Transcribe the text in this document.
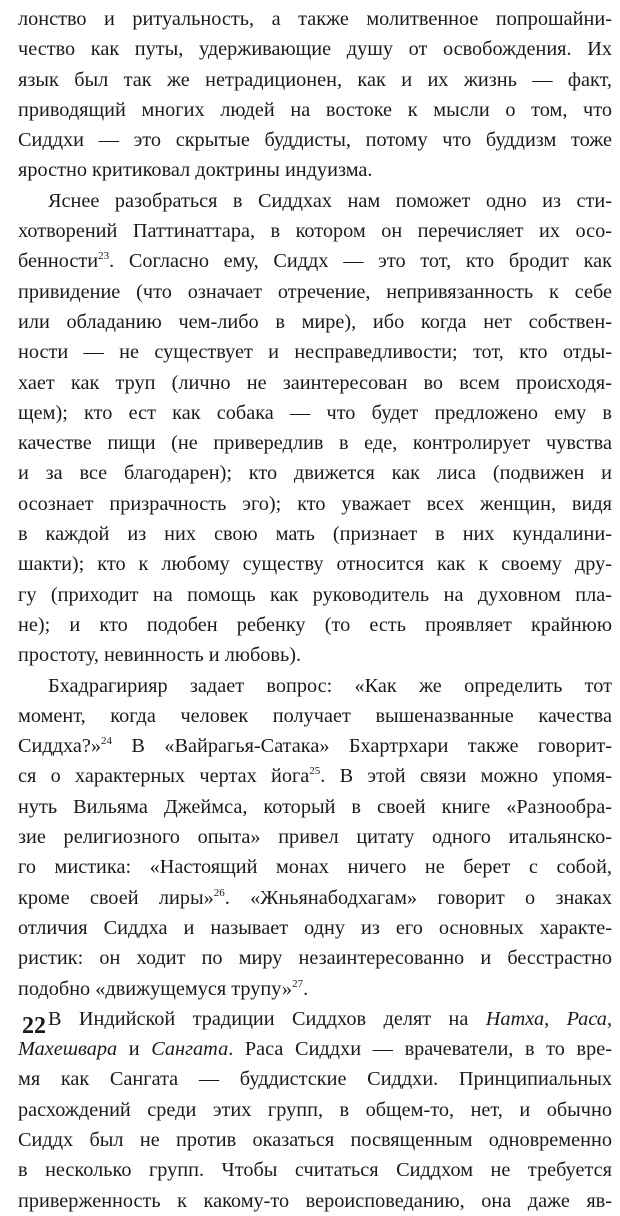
лонство и ритуальность, а также молитвенное попрошайни-
чество как путы, удерживающие душу от освобождения. Их
язык был так же нетрадиционен, как и их жизнь — факт,
приводящий многих людей на востоке к мысли о том, что
Сиддхи — это скрытые буддисты, потому что буддизм тоже
яростно критиковал доктрины индуизма.
Яснее разобраться в Сиддхах нам поможет одно из сти-
хотворений Паттинаттара, в котором он перечисляет их осо-
бенности$^{23}$. Согласно ему, Сиддх — это тот, кто бродит как
привидение (что означает отречение, непривязанность к себе
или обладанию чем-либо в мире), ибо когда нет собствен-
ности — не существует и несправедливости; тот, кто отды-
хает как труп (лично не заинтересован во всем происходя-
щем); кто ест как собака — что будет предложено ему в
качестве пищи (не привередлив в еде, контролирует чувства
и за все благодарен); кто движется как лиса (подвижен и
осознает призрачность эго); кто уважает всех женщин, видя
в каждой из них свою мать (признает в них кундалини-
шакти); кто к любому существу относится как к своему дру-
гу (приходит на помощь как руководитель на духовном пла-
не); и кто подобен ребенку (то есть проявляет крайнюю
простоту, невинность и любовь).
Бхадрагирияр задает вопрос: «Как же определить тот
момент, когда человек получает вышеназванные качества
Сиддха?»$^{24}$ В «Вайрагья-Сатака» Бхартрхари также говорит-
ся о характерных чертах йога$^{25}$. В этой связи можно упомя-
нуть Вильяма Джеймса, который в своей книге «Разнообра-
зие религиозного опыта» привел цитату одного итальянско-
го мистика: «Настоящий монах ничего не берет с собой,
кроме своей лиры»$^{26}$. «Жньянабодхагам» говорит о знаках
отличия Сиддха и называет одну из его основных характе-
ристик: он ходит по миру незаинтересованно и бесстрастно
подобно «движущемуся трупу»$^{27}$.
В Индийской традиции Сиддхов делят на Натха, Раса,
Махешвара и Сангата. Раса Сиддхи — врачеватели, в то вре-
мя как Сангата — буддистские Сиддхи. Принципиальных
расхождений среди этих групп, в общем-то, нет, и обычно
Сиддх был не против оказаться посвященным одновременно
в несколько групп. Чтобы считаться Сиддхом не требуется
приверженность к какому-то вероисповеданию, она даже яв-
22
